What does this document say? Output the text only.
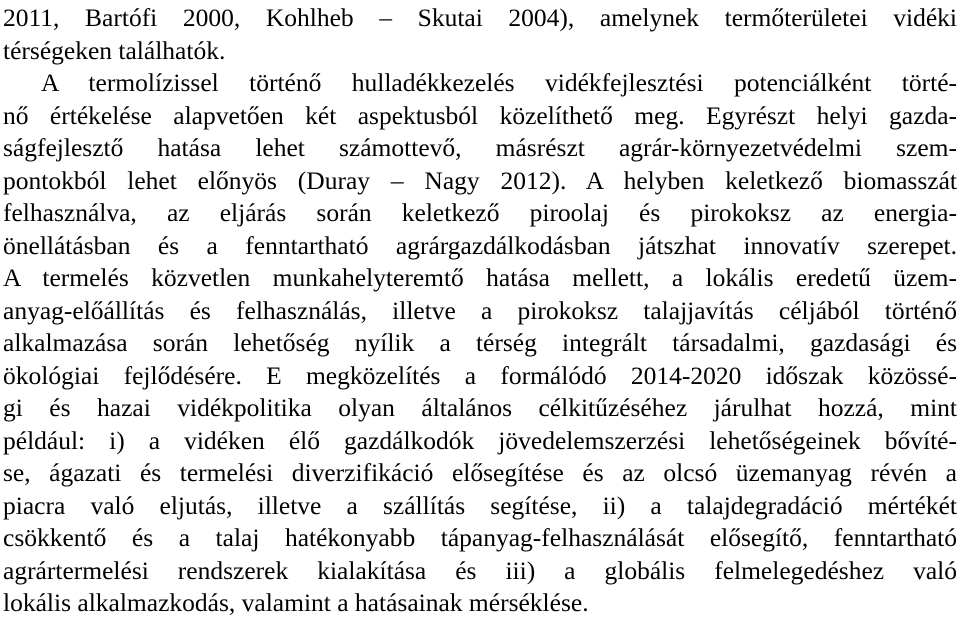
2011, Bartófi 2000, Kohlheb – Skutai 2004), amelynek termőterületei vidéki
térségeken találhatók.
A termolízissel történő hulladékkezelés vidékfejlesztési potenciálként törté-
nő értékelése alapvetően két aspektusból közelíthető meg. Egyrészt helyi gazda-
ságfejlesztő hatása lehet számottevő, másrészt agrár-környezetvédelmi szem-
pontokból lehet előnyös (Duray – Nagy 2012). A helyben keletkező biomasszát
felhasználva, az eljárás során keletkező piroolaj és pirokoksz az energia-
önellátásban és a fenntartható agrárgazdálkodásban játszhat innovatív szerepet.
A termelés közvetlen munkahelyteremtő hatása mellett, a lokális eredetű üzem-
anyag-előállítás és felhasználás, illetve a pirokoksz talajjavítás céljából történő
alkalmazása során lehetőség nyílik a térség integrált társadalmi, gazdasági és
ökológiai fejlődésére. E megközelítés a formálódó 2014-2020 időszak közössé-
gi és hazai vidékpolitika olyan általános célkitűzéséhez járulhat hozzá, mint
például: i) a vidéken élő gazdálkodók jövedelemszerzési lehetőségeinek bővíté-
se, ágazati és termelési diverzifikáció elősegítése és az olcsó üzemanyag révén a
piacra való eljutás, illetve a szállítás segítése, ii) a talajdegradáció mértékét
csökkentő és a talaj hatékonyabb tápanyag-felhasználását elősegítő, fenntartható
agrártermelési rendszerek kialakítása és iii) a globális felmelegedéshez való
lokális alkalmazkodás, valamint a hatásainak mérséklése.
